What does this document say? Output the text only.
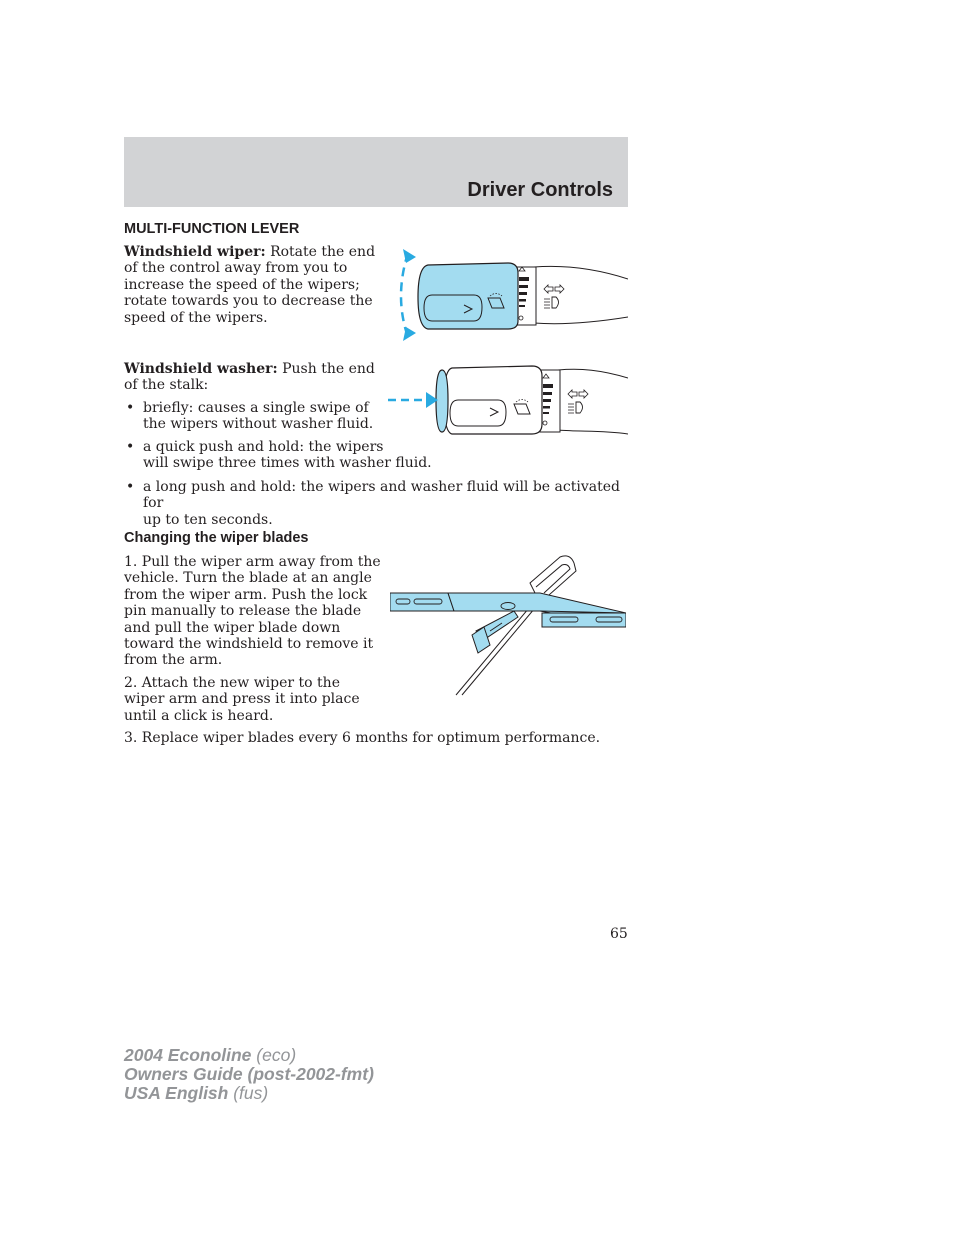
Driver Controls
MULTI-FUNCTION LEVER
Windshield wiper: Rotate the end
of the control away from you to
increase the speed of the wipers;
rotate towards you to decrease the
speed of the wipers.
Windshield washer: Push the end
of the stalk:
• briefly: causes a single swipe of
the wipers without washer fluid.
• a quick push and hold: the wipers
will swipe three times with washer fluid.
• a long push and hold: the wipers and washer fluid will be activated for
up to ten seconds.
Changing the wiper blades
1. Pull the wiper arm away from the
vehicle. Turn the blade at an angle
from the wiper arm. Push the lock
pin manually to release the blade
and pull the wiper blade down
toward the windshield to remove it
from the arm.
2. Attach the new wiper to the
wiper arm and press it into place
until a click is heard.
3. Replace wiper blades every 6 months for optimum performance.
65
2004 Econoline (eco)
Owners Guide (post-2002-fmt)
USA English (fus)
